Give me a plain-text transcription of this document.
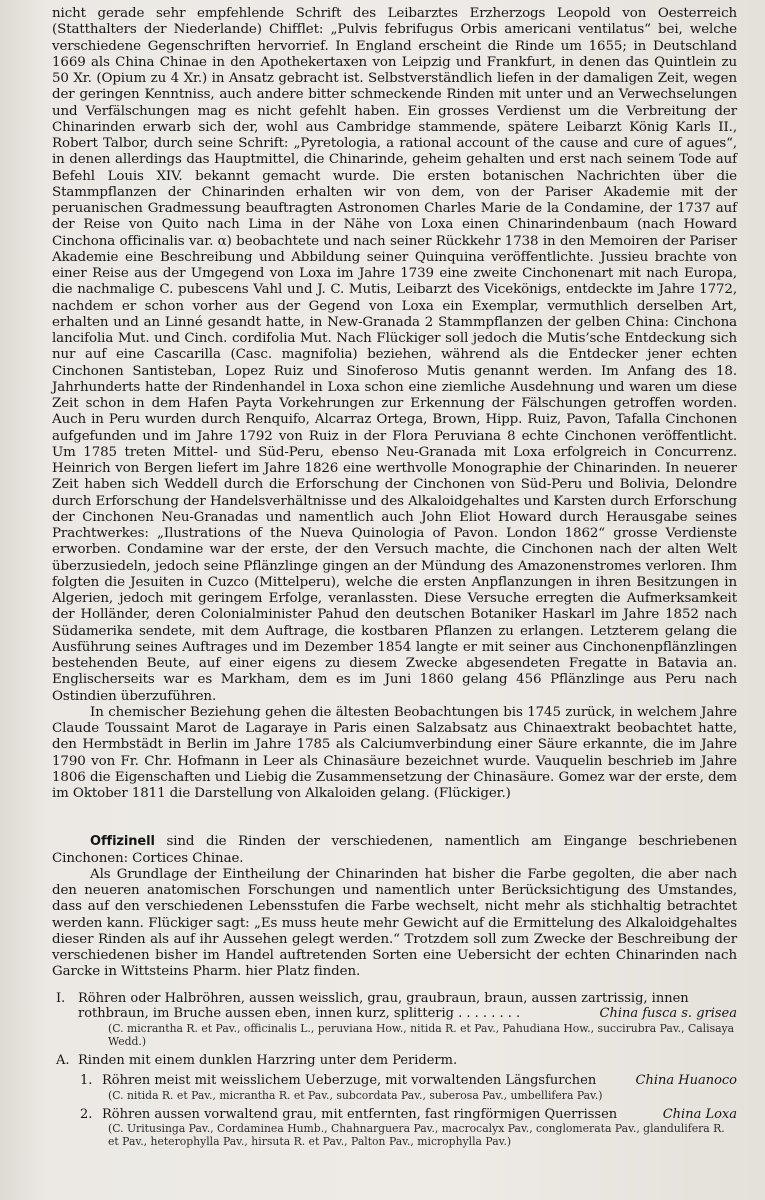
nicht gerade sehr empfehlende Schrift des Leibarztes Erzherzogs Leopold von Oesterreich (Statthalters der Niederlande) Chifflet: „Pulvis febrifugus Orbis americani ventilatus“ bei, welche verschiedene Gegenschriften hervorrief. In England erscheint die Rinde um 1655; in Deutschland 1669 als China Chinae in den Apothekertaxen von Leipzig und Frankfurt, in denen das Quintlein zu 50 Xr. (Opium zu 4 Xr.) in Ansatz gebracht ist. Selbstverständlich liefen in der damaligen Zeit, wegen der geringen Kenntniss, auch andere bitter schmeckende Rinden mit unter und an Verwechselungen und Verfälschungen mag es nicht gefehlt haben. Ein grosses Verdienst um die Verbreitung der Chinarinden erwarb sich der, wohl aus Cambridge stammende, spätere Leibarzt König Karls II., Robert Talbor, durch seine Schrift: „Pyretologia, a rational account of the cause and cure of agues“, in denen allerdings das Hauptmittel, die Chinarinde, geheim gehalten und erst nach seinem Tode auf Befehl Louis XIV. bekannt gemacht wurde. Die ersten botanischen Nachrichten über die Stammpflanzen der Chinarinden erhalten wir von dem, von der Pariser Akademie mit der peruanischen Gradmessung beauftragten Astronomen Charles Marie de la Condamine, der 1737 auf der Reise von Quito nach Lima in der Nähe von Loxa einen Chinarindenbaum (nach Howard Cinchona officinalis var. α) beobachtete und nach seiner Rückkehr 1738 in den Memoiren der Pariser Akademie eine Beschreibung und Abbildung seiner Quinquina veröffentlichte. Jussieu brachte von einer Reise aus der Umgegend von Loxa im Jahre 1739 eine zweite Cinchonenart mit nach Europa, die nachmalige C. pubescens Vahl und J. C. Mutis, Leibarzt des Vicekönigs, entdeckte im Jahre 1772, nachdem er schon vorher aus der Gegend von Loxa ein Exemplar, vermuthlich derselben Art, erhalten und an Linné gesandt hatte, in New-Granada 2 Stammpflanzen der gelben China: Cinchona lancifolia Mut. und Cinch. cordifolia Mut. Nach Flückiger soll jedoch die Mutis’sche Entdeckung sich nur auf eine Cascarilla (Casc. magnifolia) beziehen, während als die Entdecker jener echten Cinchonen Santisteban, Lopez Ruiz und Sinoferoso Mutis genannt werden. Im Anfang des 18. Jahrhunderts hatte der Rindenhandel in Loxa schon eine ziemliche Ausdehnung und waren um diese Zeit schon in dem Hafen Payta Vorkehrungen zur Erkennung der Fälschungen getroffen worden. Auch in Peru wurden durch Renquifo, Alcarraz Ortega, Brown, Hipp. Ruiz, Pavon, Tafalla Cinchonen aufgefunden und im Jahre 1792 von Ruiz in der Flora Peruviana 8 echte Cinchonen veröffentlicht. Um 1785 treten Mittel- und Süd-Peru, ebenso Neu-Granada mit Loxa erfolgreich in Concurrenz. Heinrich von Bergen liefert im Jahre 1826 eine werthvolle Monographie der Chinarinden. In neuerer Zeit haben sich Weddell durch die Erforschung der Cinchonen von Süd-Peru und Bolivia, Delondre durch Erforschung der Handelsverhältnisse und des Alkaloidgehaltes und Karsten durch Erforschung der Cinchonen Neu-Granadas und namentlich auch John Eliot Howard durch Herausgabe seines Prachtwerkes: „Ilustrations of the Nueva Quinologia of Pavon. London 1862“ grosse Verdienste erworben. Condamine war der erste, der den Versuch machte, die Cinchonen nach der alten Welt überzusiedeln, jedoch seine Pflänzlinge gingen an der Mündung des Amazonenstromes verloren. Ihm folgten die Jesuiten in Cuzco (Mittelperu), welche die ersten Anpflanzungen in ihren Besitzungen in Algerien, jedoch mit geringem Erfolge, veranlassten. Diese Versuche erregten die Aufmerksamkeit der Holländer, deren Colonialminister Pahud den deutschen Botaniker Haskarl im Jahre 1852 nach Südamerika sendete, mit dem Auftrage, die kostbaren Pflanzen zu erlangen. Letzterem gelang die Ausführung seines Auftrages und im Dezember 1854 langte er mit seiner aus Cinchonenpflänzlingen bestehenden Beute, auf einer eigens zu diesem Zwecke abgesendeten Fregatte in Batavia an. Englischerseits war es Markham, dem es im Juni 1860 gelang 456 Pflänzlinge aus Peru nach Ostindien überzuführen.

In chemischer Beziehung gehen die ältesten Beobachtungen bis 1745 zurück, in welchem Jahre Claude Toussaint Marot de Lagaraye in Paris einen Salzabsatz aus Chinaextrakt beobachtet hatte, den Hermbstädt in Berlin im Jahre 1785 als Calciumverbindung einer Säure erkannte, die im Jahre 1790 von Fr. Chr. Hofmann in Leer als Chinasäure bezeichnet wurde. Vauquelin beschrieb im Jahre 1806 die Eigenschaften und Liebig die Zusammensetzung der Chinasäure. Gomez war der erste, dem im Oktober 1811 die Darstellung von Alkaloiden gelang. (Flückiger.)

Offizinell sind die Rinden der verschiedenen, namentlich am Eingange beschriebenen Cinchonen: Cortices Chinae.

Als Grundlage der Eintheilung der Chinarinden hat bisher die Farbe gegolten, die aber nach den neueren anatomischen Forschungen und namentlich unter Berücksichtigung des Umstandes, dass auf den verschiedenen Lebensstufen die Farbe wechselt, nicht mehr als stichhaltig betrachtet werden kann. Flückiger sagt: „Es muss heute mehr Gewicht auf die Ermittelung des Alkaloidgehaltes dieser Rinden als auf ihr Aussehen gelegt werden.“ Trotzdem soll zum Zwecke der Beschreibung der verschiedenen bisher im Handel auftretenden Sorten eine Uebersicht der echten Chinarinden nach Garcke in Wittsteins Pharm. hier Platz finden.

I. Röhren oder Halbröhren, aussen weisslich, grau, graubraun, braun, aussen zartrissig, innen rothbraun, im Bruche aussen eben, innen kurz, splitterig . . . . . . . .	China fusca s. grisea
(C. micrantha R. et Pav., officinalis L., peruviana How., nitida R. et Pav., Pahudiana How., succirubra Pav., Calisaya Wedd.)
A. Rinden mit einem dunklen Harzring unter dem Periderm.
1. Röhren meist mit weisslichem Ueberzuge, mit vorwaltenden Längsfurchen	China Huanoco
(C. nitida R. et Pav., micrantha R. et Pav., subcordata Pav., suberosa Pav., umbellifera Pav.)
2. Röhren aussen vorwaltend grau, mit entfernten, fast ringförmigen Querrissen	China Loxa
(C. Uritusinga Pav., Cordaminea Humb., Chahnarguera Pav., macrocalyx Pav., conglomerata Pav., glandulifera R. et Pav., heterophylla Pav., hirsuta R. et Pav., Palton Pav., microphylla Pav.)
